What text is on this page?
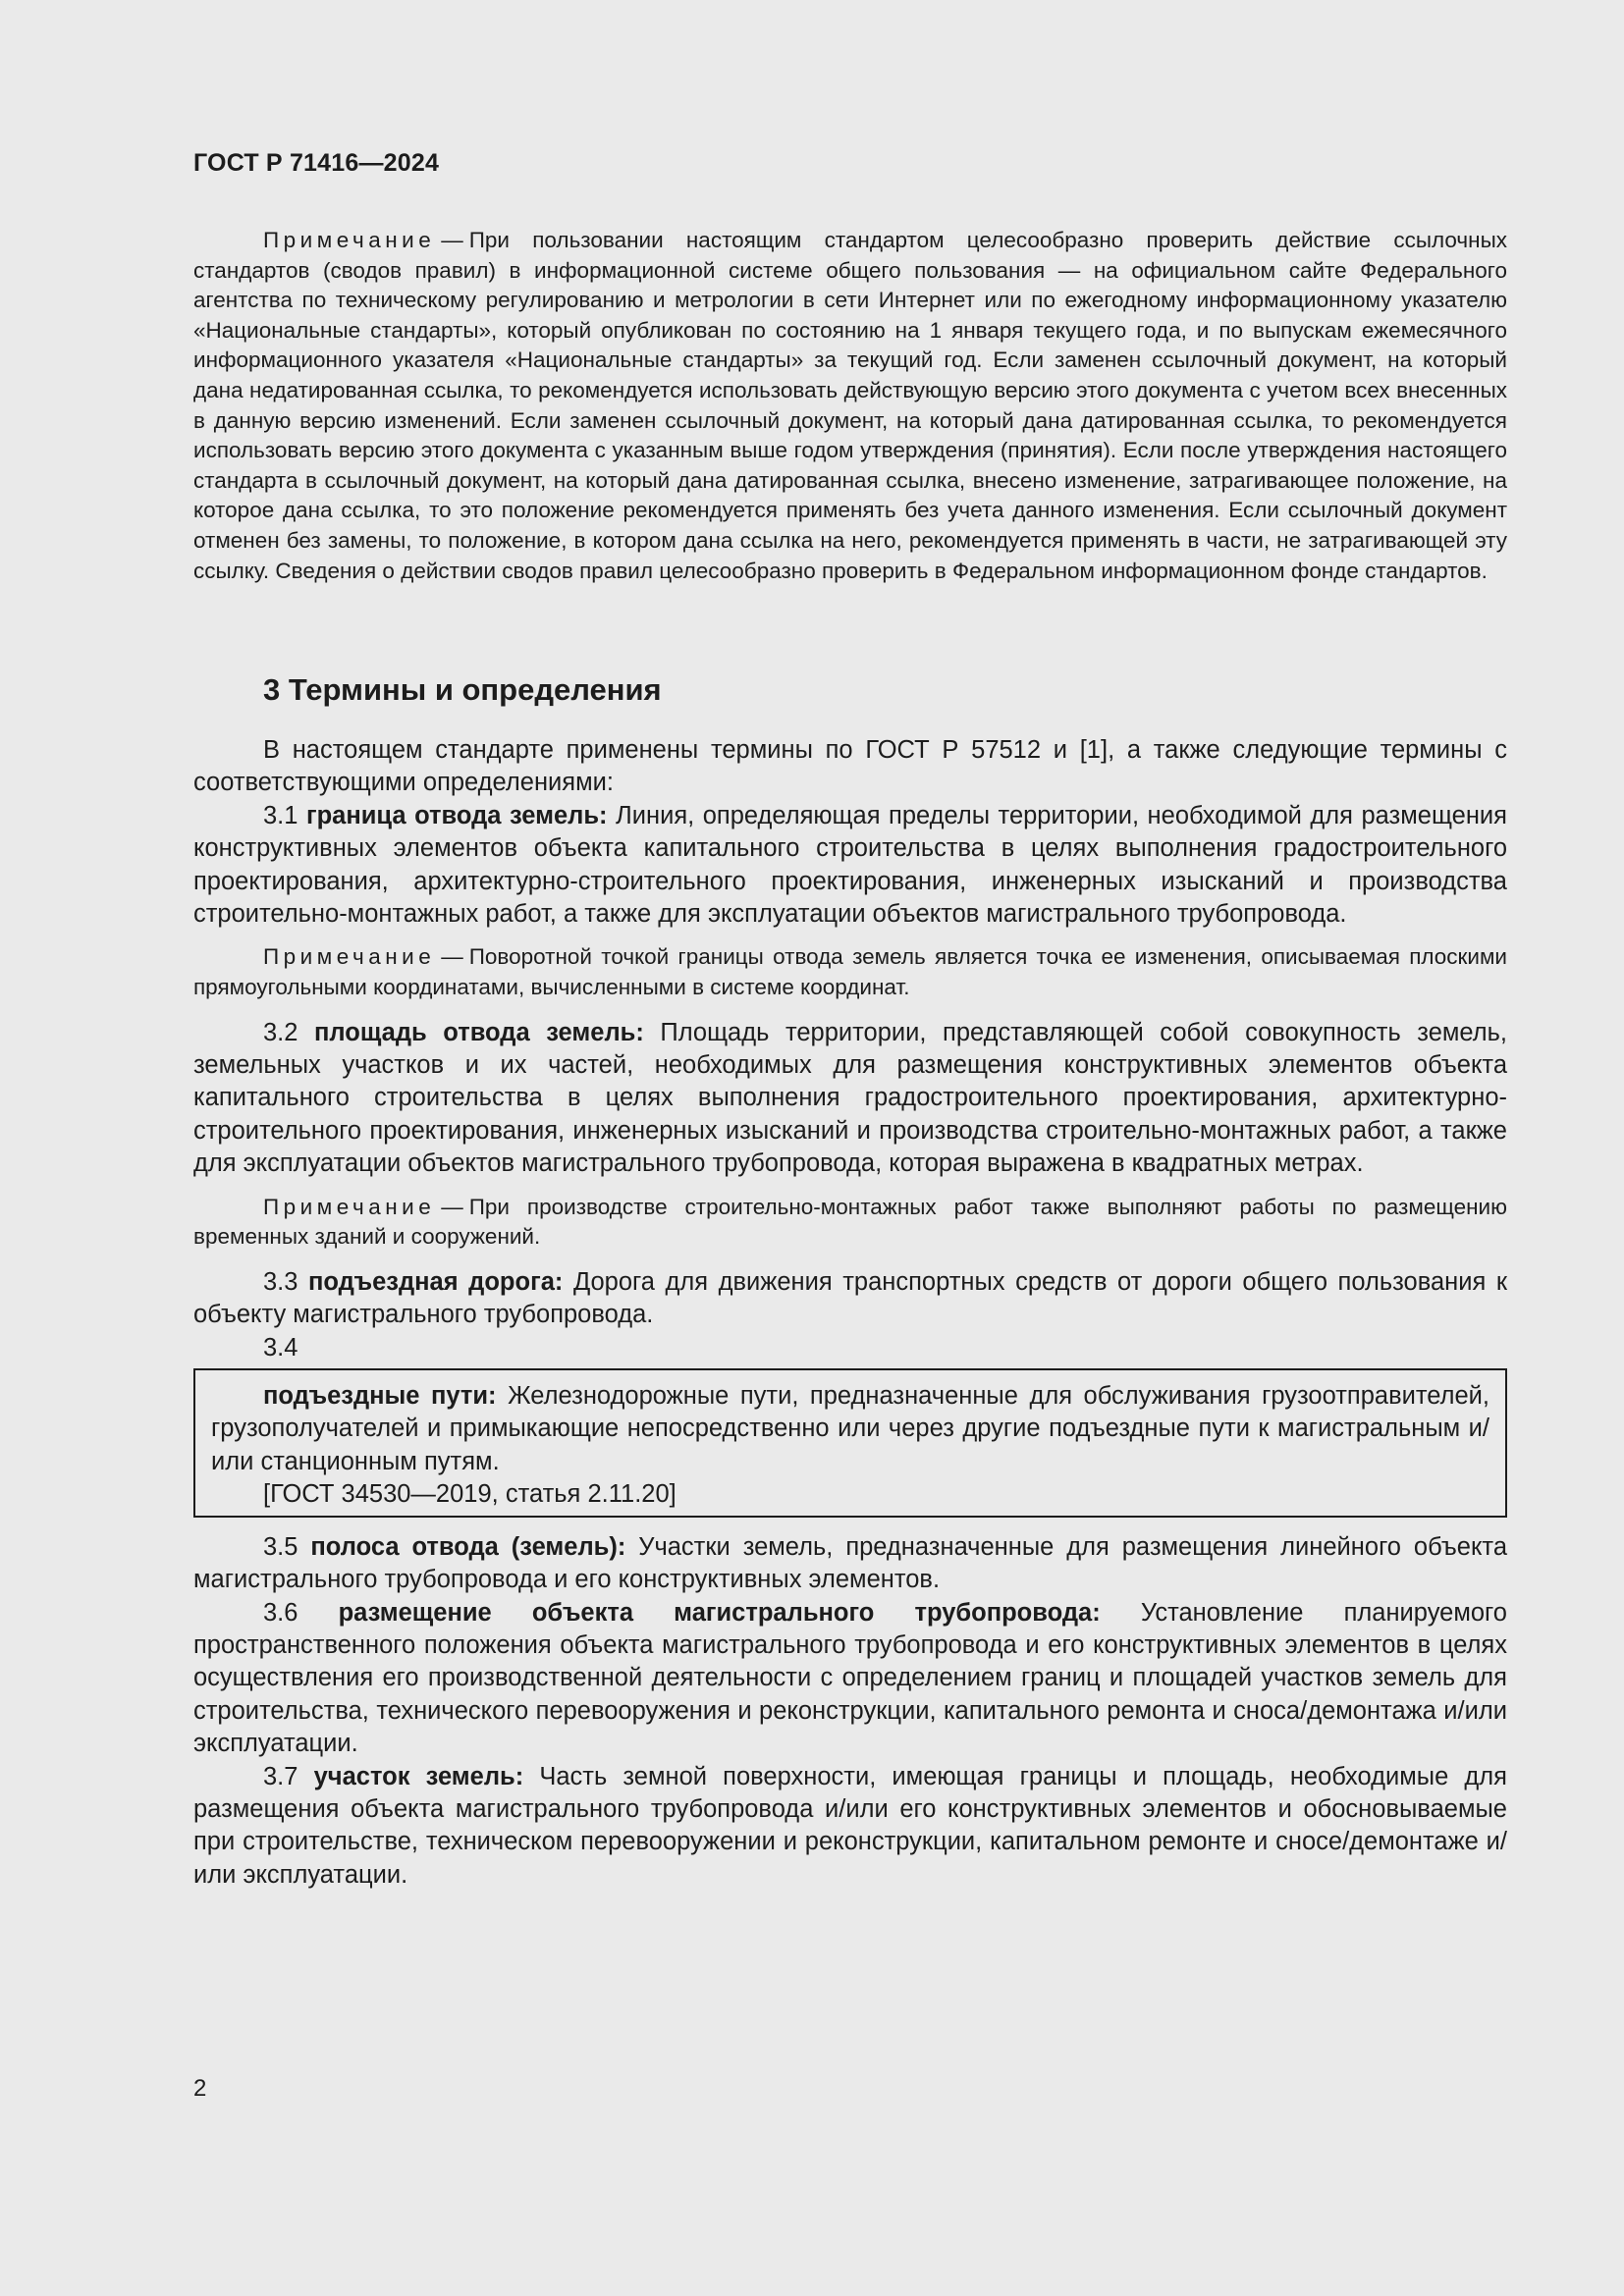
ГОСТ Р 71416—2024

Примечание — При пользовании настоящим стандартом целесообразно проверить действие ссылочных стандартов (сводов правил) в информационной системе общего пользования — на официальном сайте Федерального агентства по техническому регулированию и метрологии в сети Интернет или по ежегодному информационному указателю «Национальные стандарты», который опубликован по состоянию на 1 января текущего года, и по выпускам ежемесячного информационного указателя «Национальные стандарты» за текущий год. Если заменен ссылочный документ, на который дана недатированная ссылка, то рекомендуется использовать действующую версию этого документа с учетом всех внесенных в данную версию изменений. Если заменен ссылочный документ, на который дана датированная ссылка, то рекомендуется использовать версию этого документа с указанным выше годом утверждения (принятия). Если после утверждения настоящего стандарта в ссылочный документ, на который дана датированная ссылка, внесено изменение, затрагивающее положение, на которое дана ссылка, то это положение рекомендуется применять без учета данного изменения. Если ссылочный документ отменен без замены, то положение, в котором дана ссылка на него, рекомендуется применять в части, не затрагивающей эту ссылку. Сведения о действии сводов правил целесообразно проверить в Федеральном информационном фонде стандартов.

3 Термины и определения

В настоящем стандарте применены термины по ГОСТ Р 57512 и [1], а также следующие термины с соответствующими определениями:

3.1 граница отвода земель: Линия, определяющая пределы территории, необходимой для размещения конструктивных элементов объекта капитального строительства в целях выполнения градостроительного проектирования, архитектурно-строительного проектирования, инженерных изысканий и производства строительно-монтажных работ, а также для эксплуатации объектов магистрального трубопровода.

Примечание — Поворотной точкой границы отвода земель является точка ее изменения, описываемая плоскими прямоугольными координатами, вычисленными в системе координат.

3.2 площадь отвода земель: Площадь территории, представляющей собой совокупность земель, земельных участков и их частей, необходимых для размещения конструктивных элементов объекта капитального строительства в целях выполнения градостроительного проектирования, архитектурно-строительного проектирования, инженерных изысканий и производства строительно-монтажных работ, а также для эксплуатации объектов магистрального трубопровода, которая выражена в квадратных метрах.

Примечание — При производстве строительно-монтажных работ также выполняют работы по размещению временных зданий и сооружений.

3.3 подъездная дорога: Дорога для движения транспортных средств от дороги общего пользования к объекту магистрального трубопровода.

3.4

подъездные пути: Железнодорожные пути, предназначенные для обслуживания грузоотправителей, грузополучателей и примыкающие непосредственно или через другие подъездные пути к магистральным и/или станционным путям.

[ГОСТ 34530—2019, статья 2.11.20]

3.5 полоса отвода (земель): Участки земель, предназначенные для размещения линейного объекта магистрального трубопровода и его конструктивных элементов.

3.6 размещение объекта магистрального трубопровода: Установление планируемого пространственного положения объекта магистрального трубопровода и его конструктивных элементов в целях осуществления его производственной деятельности с определением границ и площадей участков земель для строительства, технического перевооружения и реконструкции, капитального ремонта и сноса/демонтажа и/или эксплуатации.

3.7 участок земель: Часть земной поверхности, имеющая границы и площадь, необходимые для размещения объекта магистрального трубопровода и/или его конструктивных элементов и обосновываемые при строительстве, техническом перевооружении и реконструкции, капитальном ремонте и сносе/демонтаже и/или эксплуатации.

2
